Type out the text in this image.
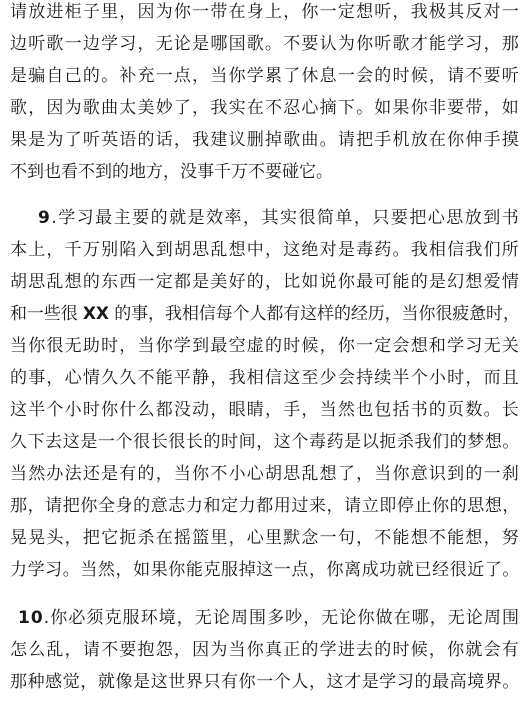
请放进柜子里，因为你一带在身上，你一定想听，我极其反对一
边听歌一边学习，无论是哪国歌。不要认为你听歌才能学习，那
是骗自己的。补充一点，当你学累了休息一会的时候，请不要听
歌，因为歌曲太美妙了，我实在不忍心摘下。如果你非要带，如
果是为了听英语的话，我建议删掉歌曲。请把手机放在你伸手摸
不到也看不到的地方，没事千万不要碰它。
9.学习最主要的就是效率，其实很简单，只要把心思放到书
本上，千万别陷入到胡思乱想中，这绝对是毒药。我相信我们所
胡思乱想的东西一定都是美好的，比如说你最可能的是幻想爱情
和一些很 XX 的事，我相信每个人都有这样的经历，当你很疲惫时，
当你很无助时，当你学到最空虚的时候，你一定会想和学习无关
的事，心情久久不能平静，我相信这至少会持续半个小时，而且
这半个小时你什么都没动，眼睛，手，当然也包括书的页数。长
久下去这是一个很长很长的时间，这个毒药是以扼杀我们的梦想。
当然办法还是有的，当你不小心胡思乱想了，当你意识到的一刹
那，请把你全身的意志力和定力都用过来，请立即停止你的思想，
晃晃头，把它扼杀在摇篮里，心里默念一句，不能想不能想，努
力学习。当然，如果你能克服掉这一点，你离成功就已经很近了。
10.你必须克服环境，无论周围多吵，无论你做在哪，无论周围
怎么乱，请不要抱怨，因为当你真正的学进去的时候，你就会有
那种感觉，就像是这世界只有你一个人，这才是学习的最高境界。
